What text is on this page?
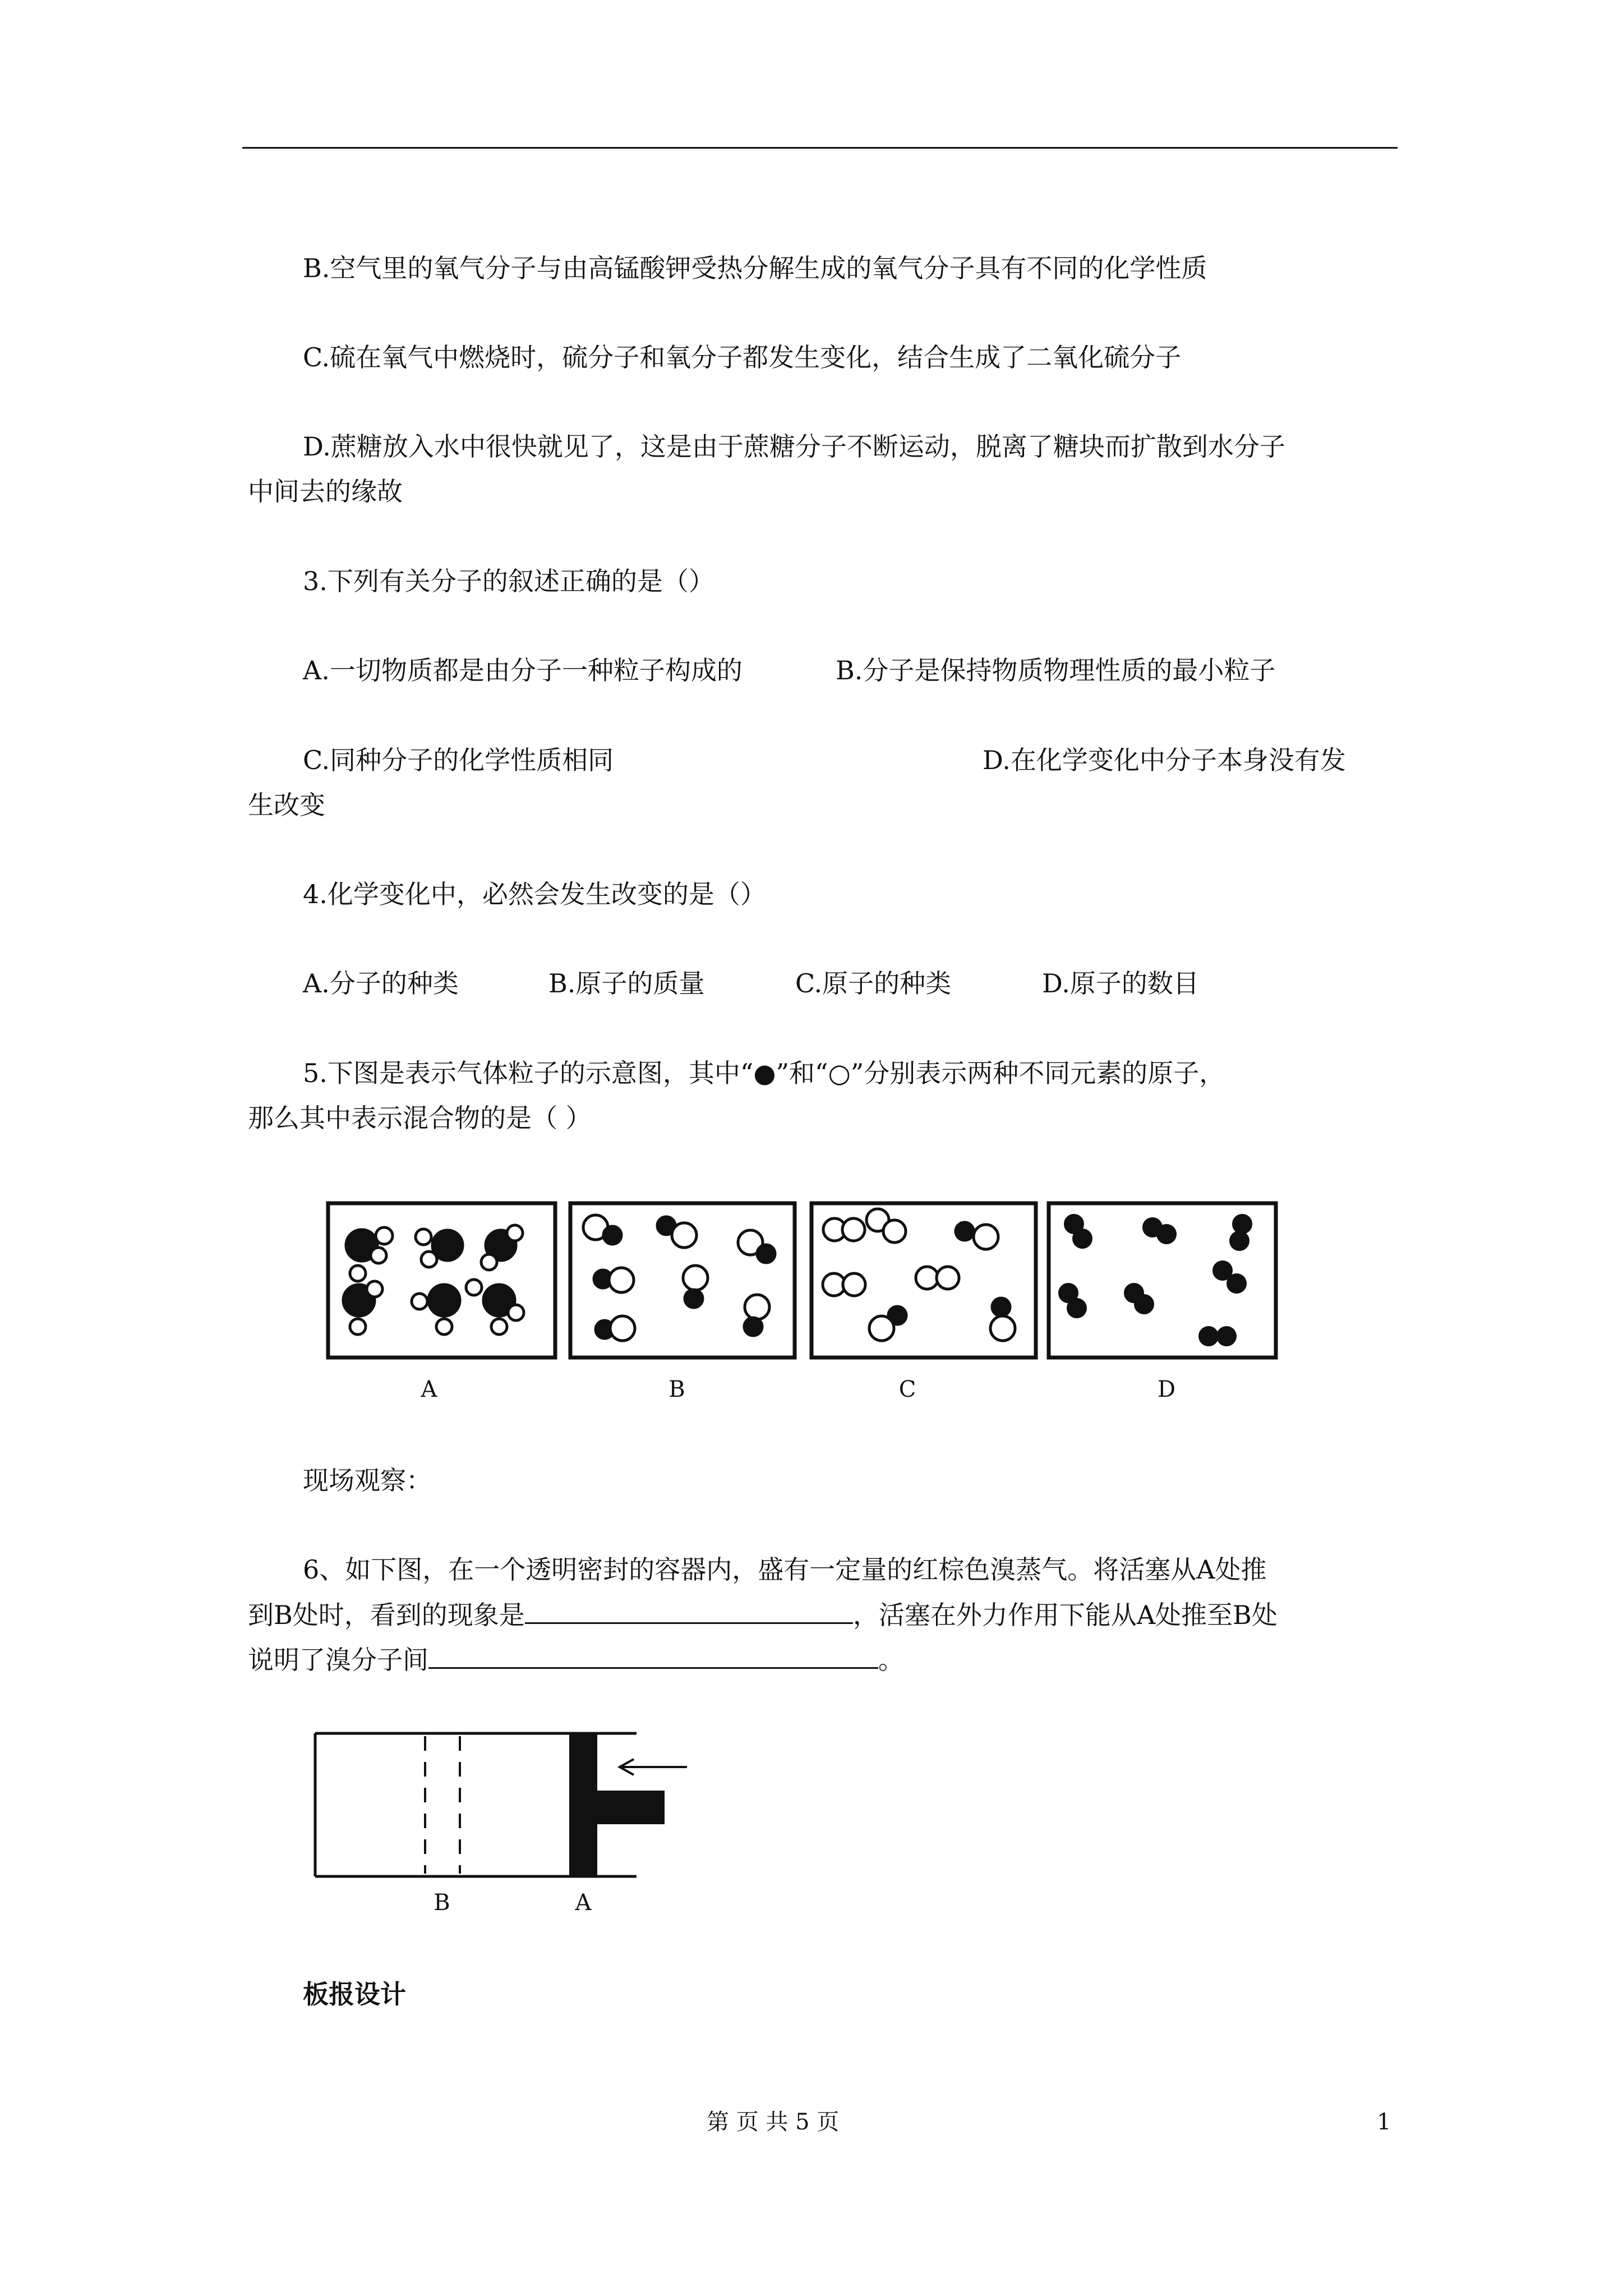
B.空气里的氧气分子与由高锰酸钾受热分解生成的氧气分子具有不同的化学性质
C.硫在氧气中燃烧时，硫分子和氧分子都发生变化，结合生成了二氧化硫分子
D.蔗糖放入水中很快就见了，这是由于蔗糖分子不断运动，脱离了糖块而扩散到水分子
中间去的缘故
3.下列有关分子的叙述正确的是（）
A.一切物质都是由分子一种粒子构成的	B.分子是保持物质物理性质的最小粒子
C.同种分子的化学性质相同	D.在化学变化中分子本身没有发
生改变
4.化学变化中，必然会发生改变的是（）
A.分子的种类	B.原子的质量	C.原子的种类	D.原子的数目
5.下图是表示气体粒子的示意图，其中“●”和“○”分别表示两种不同元素的原子，
那么其中表示混合物的是（ ）
A	B	C	D
现场观察：
6、如下图，在一个透明密封的容器内，盛有一定量的红棕色溴蒸气。将活塞从A处推
到B处时，看到的现象是	，活塞在外力作用下能从A处推至B处
说明了溴分子间	。
B	A
板报设计
第 页 共 5 页	1
